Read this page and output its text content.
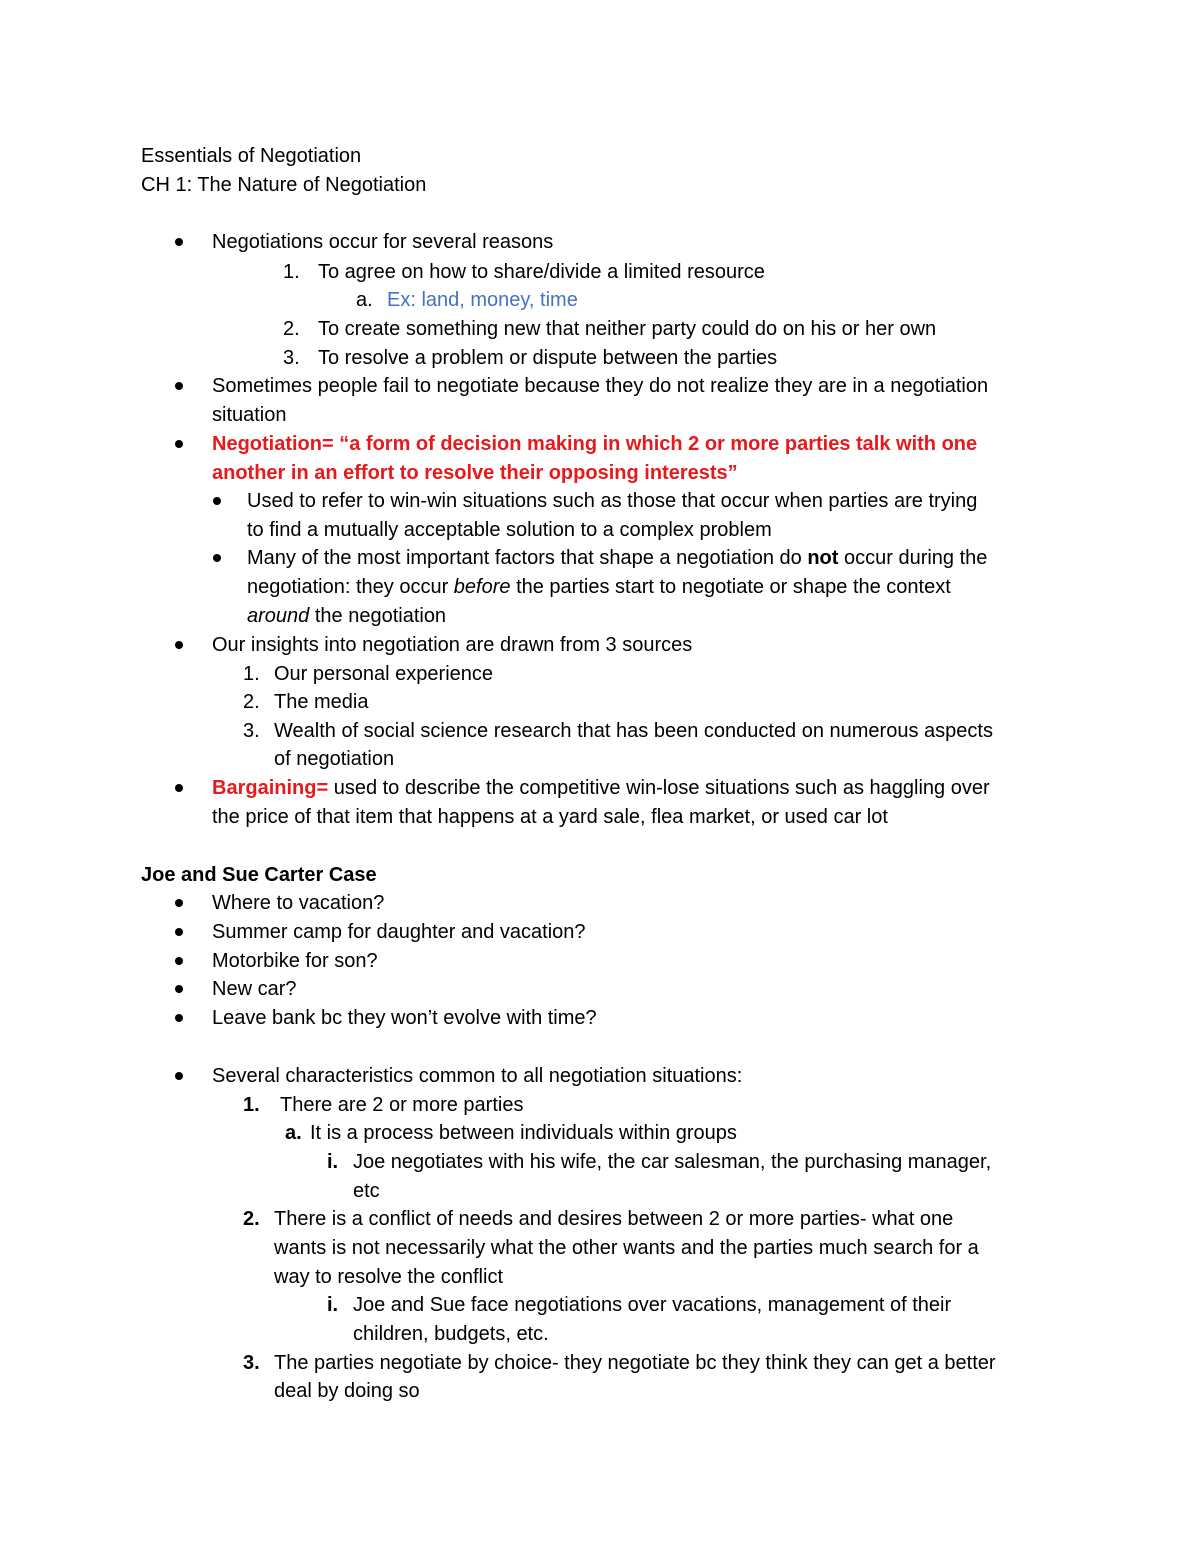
Essentials of Negotiation
CH 1: The Nature of Negotiation
Negotiations occur for several reasons
1. To agree on how to share/divide a limited resource
a. Ex: land, money, time
2. To create something new that neither party could do on his or her own
3. To resolve a problem or dispute between the parties
Sometimes people fail to negotiate because they do not realize they are in a negotiation
situation
Negotiation= “a form of decision making in which 2 or more parties talk with one
another in an effort to resolve their opposing interests”
Used to refer to win-win situations such as those that occur when parties are trying
to find a mutually acceptable solution to a complex problem
Many of the most important factors that shape a negotiation do not occur during the
negotiation: they occur before the parties start to negotiate or shape the context
around the negotiation
Our insights into negotiation are drawn from 3 sources
1. Our personal experience
2. The media
3. Wealth of social science research that has been conducted on numerous aspects
of negotiation
Bargaining= used to describe the competitive win-lose situations such as haggling over
the price of that item that happens at a yard sale, flea market, or used car lot
Joe and Sue Carter Case
Where to vacation?
Summer camp for daughter and vacation?
Motorbike for son?
New car?
Leave bank bc they won’t evolve with time?
Several characteristics common to all negotiation situations:
1. There are 2 or more parties
a. It is a process between individuals within groups
i. Joe negotiates with his wife, the car salesman, the purchasing manager,
etc
2. There is a conflict of needs and desires between 2 or more parties- what one
wants is not necessarily what the other wants and the parties much search for a
way to resolve the conflict
i. Joe and Sue face negotiations over vacations, management of their
children, budgets, etc.
3. The parties negotiate by choice- they negotiate bc they think they can get a better
deal by doing so
